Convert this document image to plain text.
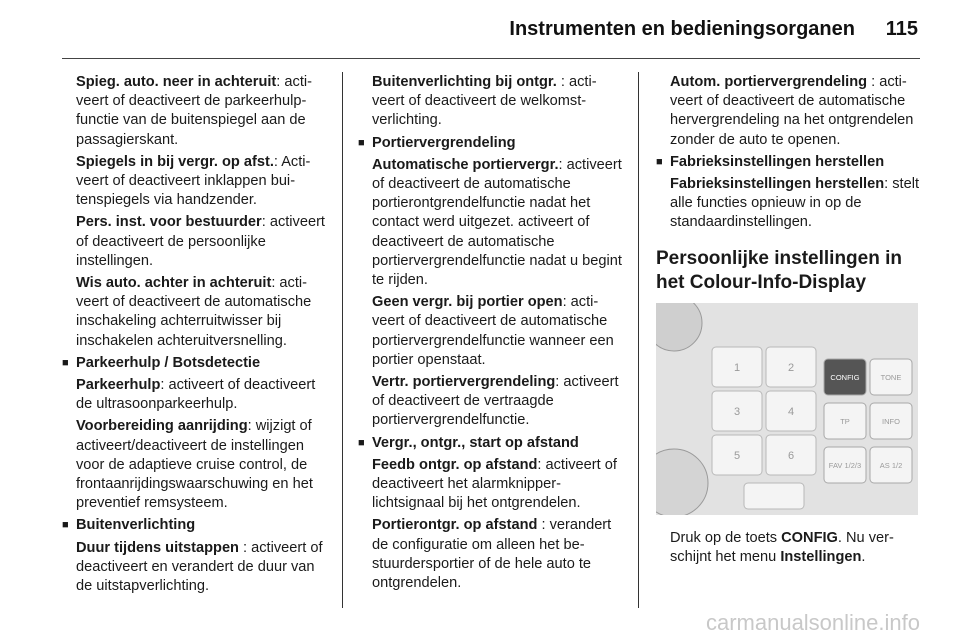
Instrumenten en bedieningsorganen 115

Spieg. auto. neer in achteruit: activeert of deactiveert de parkeerhulpfunctie van de buitenspiegel aan de passagierskant.

Spiegels in bij vergr. op afst.: Activeert of deactiveert inklappen buitenspiegels via handzender.

Pers. inst. voor bestuurder: activeert of deactiveert de persoonlijke instellingen.

Wis auto. achter in achteruit: activeert of deactiveert de automatische inschakeling achterruitwisser bij inschakelen achteruitversnelling.

■ Parkeerhulp / Botsdetectie

Parkeerhulp: activeert of deactiveert de ultrasoonparkeerhulp.

Voorbereiding aanrijding: wijzigt of activeert/deactiveert de instellingen voor de adaptieve cruise control, de frontaanrijdingswaarschuwing en het preventief remsysteem.

■ Buitenverlichting

Duur tijdens uitstappen : activeert of deactiveert en verandert de duur van de uitstapverlichting.

Buitenverlichting bij ontgr. : activeert of deactiveert de welkomstverlichting.

■ Portiervergrendeling

Automatische portiervergr.: activeert of deactiveert de automatische portierontgrendelfunctie nadat het contact werd uitgezet. activeert of deactiveert de automatische portiervergrendelfunctie nadat u begint te rijden.

Geen vergr. bij portier open: activeert of deactiveert de automatische portiervergrendelfunctie wanneer een portier openstaat.

Vertr. portiervergrendeling: activeert of deactiveert de vertraagde portiervergrendelfunctie.

■ Vergr., ontgr., start op afstand

Feedb ontgr. op afstand: activeert of deactiveert het alarmknipperlichtsignaal bij het ontgrendelen.

Portierontgr. op afstand : verandert de configuratie om alleen het bestuurdersportier of de hele auto te ontgrendelen.

Autom. portiervergrendeling : activeert of deactiveert de automatische hervergrendeling na het ontgrendelen zonder de auto te openen.

■ Fabrieksinstellingen herstellen

Fabrieksinstellingen herstellen: stelt alle functies opnieuw in op de standaardinstellingen.

Persoonlijke instellingen in het Colour-Info-Display
1	2
3	4
5	6
CONFIG	TONE
TP	INFO
FAV 1/2/3 AS 1/2

Druk op de toets CONFIG. Nu verschijnt het menu Instellingen.

carmanualsonline.info
